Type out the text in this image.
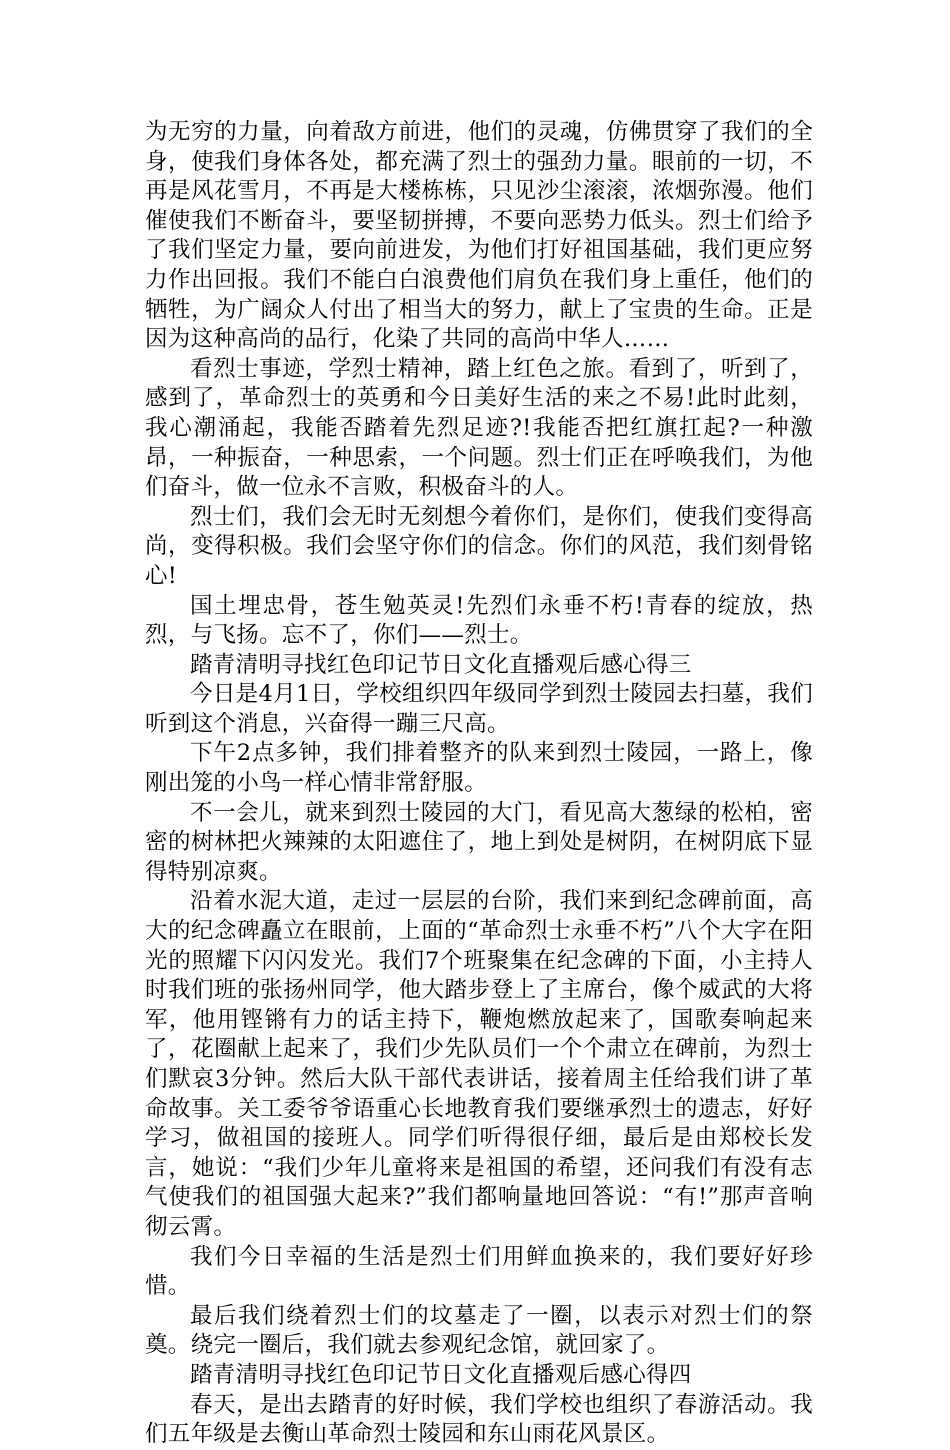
为无穷的力量，向着敌方前进，他们的灵魂，仿佛贯穿了我们的全身，使我们身体各处，都充满了烈士的强劲力量。眼前的一切，不再是风花雪月，不再是大楼栋栋，只见沙尘滚滚，浓烟弥漫。他们催使我们不断奋斗，要坚韧拼搏，不要向恶势力低头。烈士们给予了我们坚定力量，要向前进发，为他们打好祖国基础，我们更应努力作出回报。我们不能白白浪费他们肩负在我们身上重任，他们的牺牲，为广阔众人付出了相当大的努力，献上了宝贵的生命。正是因为这种高尚的品行，化染了共同的高尚中华人……

看烈士事迹，学烈士精神，踏上红色之旅。看到了，听到了，感到了，革命烈士的英勇和今日美好生活的来之不易!此时此刻，我心潮涌起，我能否踏着先烈足迹?!我能否把红旗扛起?一种激昂，一种振奋，一种思索，一个问题。烈士们正在呼唤我们，为他们奋斗，做一位永不言败，积极奋斗的人。

烈士们，我们会无时无刻想今着你们，是你们，使我们变得高尚，变得积极。我们会坚守你们的信念。你们的风范，我们刻骨铭心!

国土埋忠骨，苍生勉英灵!先烈们永垂不朽!青春的绽放，热烈，与飞扬。忘不了，你们——烈士。

踏青清明寻找红色印记节日文化直播观后感心得三

今日是4月1日，学校组织四年级同学到烈士陵园去扫墓，我们听到这个消息，兴奋得一蹦三尺高。

下午2点多钟，我们排着整齐的队来到烈士陵园，一路上，像刚出笼的小鸟一样心情非常舒服。

不一会儿，就来到烈士陵园的大门，看见高大葱绿的松柏，密密的树林把火辣辣的太阳遮住了，地上到处是树阴，在树阴底下显得特别凉爽。

沿着水泥大道，走过一层层的台阶，我们来到纪念碑前面，高大的纪念碑矗立在眼前，上面的“革命烈士永垂不朽”八个大字在阳光的照耀下闪闪发光。我们7个班聚集在纪念碑的下面，小主持人时我们班的张扬州同学，他大踏步登上了主席台，像个威武的大将军，他用铿锵有力的话主持下，鞭炮燃放起来了，国歌奏响起来了，花圈献上起来了，我们少先队员们一个个肃立在碑前，为烈士们默哀3分钟。然后大队干部代表讲话，接着周主任给我们讲了革命故事。关工委爷爷语重心长地教育我们要继承烈士的遗志，好好学习，做祖国的接班人。同学们听得很仔细，最后是由郑校长发言，她说：“我们少年儿童将来是祖国的希望，还问我们有没有志气使我们的祖国强大起来?”我们都响量地回答说：“有!”那声音响彻云霄。

我们今日幸福的生活是烈士们用鲜血换来的，我们要好好珍惜。

最后我们绕着烈士们的坟墓走了一圈，以表示对烈士们的祭奠。绕完一圈后，我们就去参观纪念馆，就回家了。

踏青清明寻找红色印记节日文化直播观后感心得四

春天，是出去踏青的好时候，我们学校也组织了春游活动。我们五年级是去衡山革命烈士陵园和东山雨花风景区。
